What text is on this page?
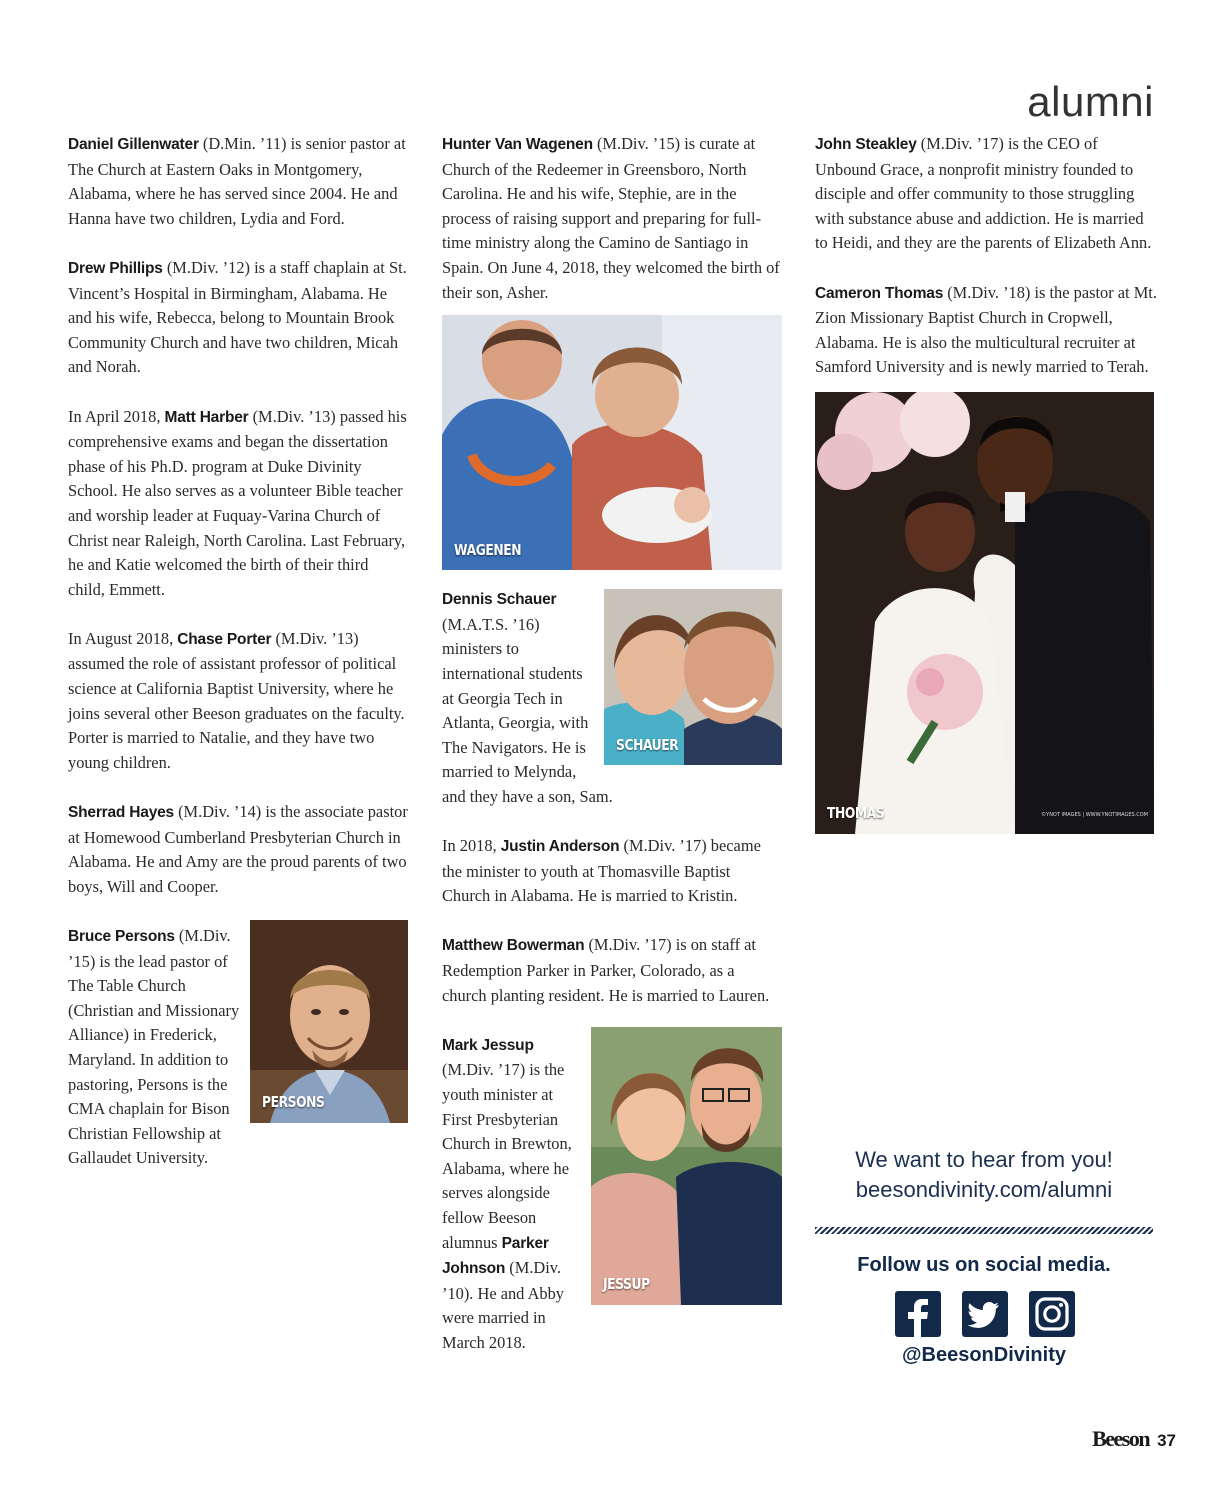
alumni

Daniel Gillenwater (D.Min. ’11) is senior pastor at The Church at Eastern Oaks in Montgomery, Alabama, where he has served since 2004. He and Hanna have two children, Lydia and Ford.

Drew Phillips (M.Div. ’12) is a staff chaplain at St. Vincent’s Hospital in Birmingham, Alabama. He and his wife, Rebecca, belong to Mountain Brook Community Church and have two children, Micah and Norah.

In April 2018, Matt Harber (M.Div. ’13) passed his comprehensive exams and began the dissertation phase of his Ph.D. program at Duke Divinity School. He also serves as a volunteer Bible teacher and worship leader at Fuquay-Varina Church of Christ near Raleigh, North Carolina. Last February, he and Katie welcomed the birth of their third child, Emmett.

In August 2018, Chase Porter (M.Div. ’13) assumed the role of assistant professor of political science at California Baptist University, where he joins several other Beeson graduates on the faculty. Porter is married to Natalie, and they have two young children.

Sherrad Hayes (M.Div. ’14) is the associate pastor at Homewood Cumberland Presbyterian Church in Alabama. He and Amy are the proud parents of two boys, Will and Cooper.

PERSONS

Bruce Persons (M.Div. ’15) is the lead pastor of The Table Church (Christian and Missionary Alliance) in Frederick, Maryland. In addition to pastoring, Persons is the CMA chaplain for Bison Christian Fellowship at Gallaudet University.

Hunter Van Wagenen (M.Div. ’15) is curate at Church of the Redeemer in Greensboro, North Carolina. He and his wife, Stephie, are in the process of raising support and preparing for full-time ministry along the Camino de Santiago in Spain. On June 4, 2018, they welcomed the birth of their son, Asher.

WAGENEN
SCHAUER

Dennis Schauer (M.A.T.S. ’16) ministers to international students at Georgia Tech in Atlanta, Georgia, with The Navigators. He is married to Melynda, and they have a son, Sam.

In 2018, Justin Anderson (M.Div. ’17) became the minister to youth at Thomasville Baptist Church in Alabama. He is married to Kristin.

Matthew Bowerman (M.Div. ’17) is on staff at Redemption Parker in Parker, Colorado, as a church planting resident. He is married to Lauren.

JESSUP

Mark Jessup (M.Div. ’17) is the youth minister at First Presbyterian Church in Brewton, Alabama, where he serves alongside fellow Beeson alumnus Parker Johnson (M.Div. ’10). He and Abby were married in March 2018.

John Steakley (M.Div. ’17) is the CEO of Unbound Grace, a nonprofit ministry founded to disciple and offer community to those struggling with substance abuse and addiction. He is married to Heidi, and they are the parents of Elizabeth Ann.

Cameron Thomas (M.Div. ’18) is the pastor at Mt. Zion Missionary Baptist Church in Cropwell, Alabama. He is also the multicultural recruiter at Samford University and is newly married to Terah.

THOMAS	©YNOT IMAGES | WWW.YNOTIMAGES.COM
We want to hear from you!
beesondivinity.com/alumni
Follow us on social media.
@BeesonDivinity
Beeson 37
